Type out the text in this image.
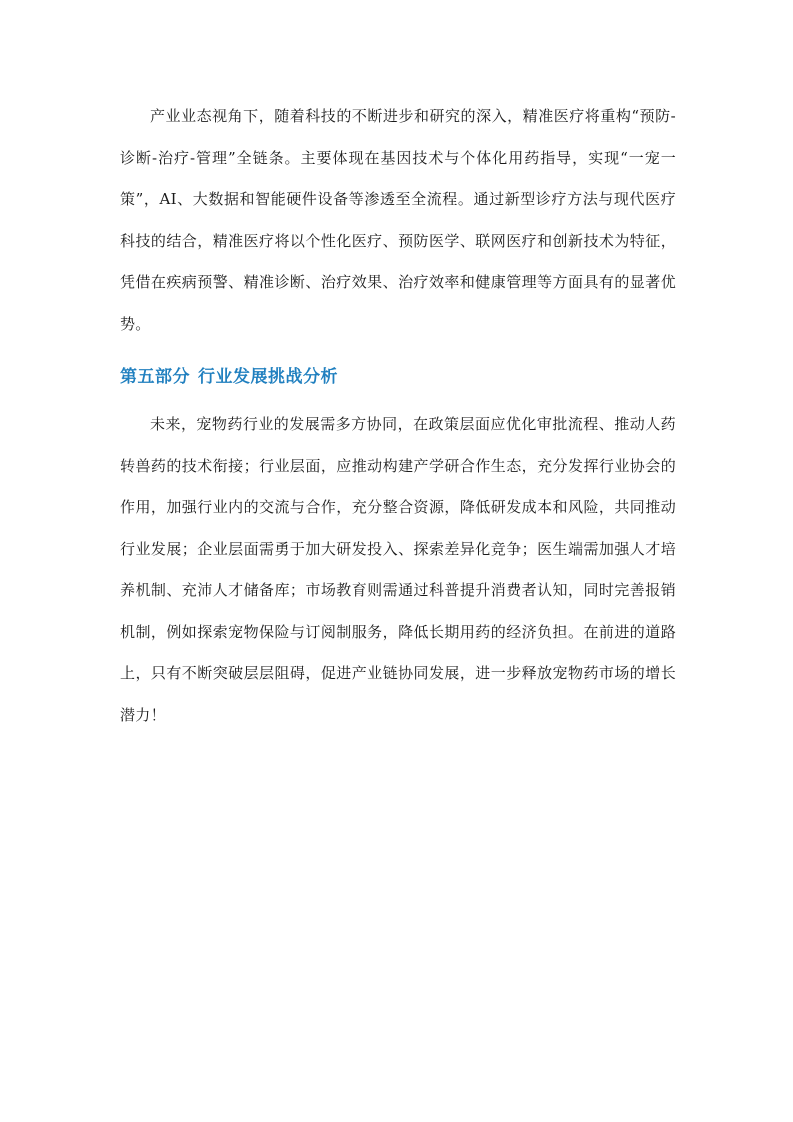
产业业态视角下，随着科技的不断进步和研究的深入，精准医疗将重构“预防-诊断-治疗-管理”全链条。主要体现在基因技术与个体化用药指导，实现“一宠一策”，AI、大数据和智能硬件设备等渗透至全流程。通过新型诊疗方法与现代医疗科技的结合，精准医疗将以个性化医疗、预防医学、联网医疗和创新技术为特征，凭借在疾病预警、精准诊断、治疗效果、治疗效率和健康管理等方面具有的显著优势。

第五部分 行业发展挑战分析

未来，宠物药行业的发展需多方协同，在政策层面应优化审批流程、推动人药转兽药的技术衔接；行业层面，应推动构建产学研合作生态，充分发挥行业协会的作用，加强行业内的交流与合作，充分整合资源，降低研发成本和风险，共同推动行业发展；企业层面需勇于加大研发投入、探索差异化竞争；医生端需加强人才培养机制、充沛人才储备库；市场教育则需通过科普提升消费者认知，同时完善报销机制，例如探索宠物保险与订阅制服务，降低长期用药的经济负担。在前进的道路上，只有不断突破层层阻碍，促进产业链协同发展，进一步释放宠物药市场的增长潜力！
